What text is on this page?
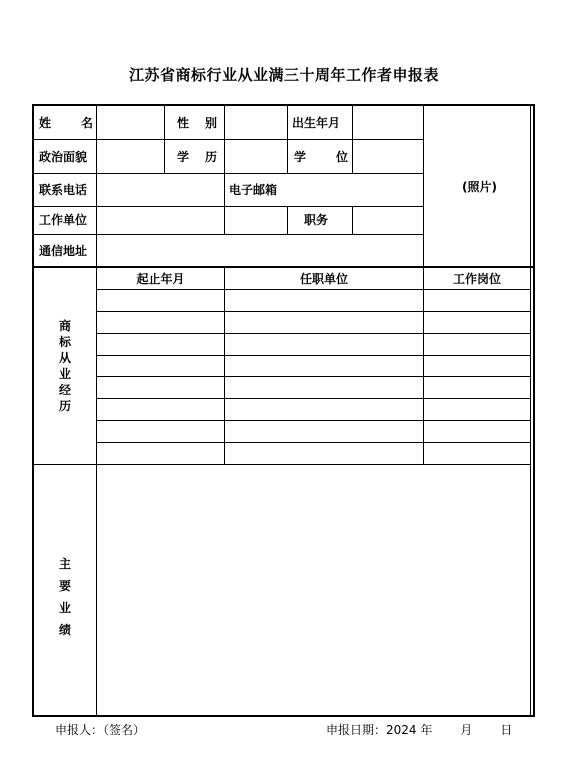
江苏省商标行业从业满三十周年工作者申报表
姓 名	性 别	出生年月
政治面貌	学 历	学 位
联系电话	电子邮箱
工作单位	职务
通信地址
(照片)
起止年月	任职单位	工作岗位
商标从业经历
主要业绩
申报人：（签名）	申报日期：2024 年 月 日
